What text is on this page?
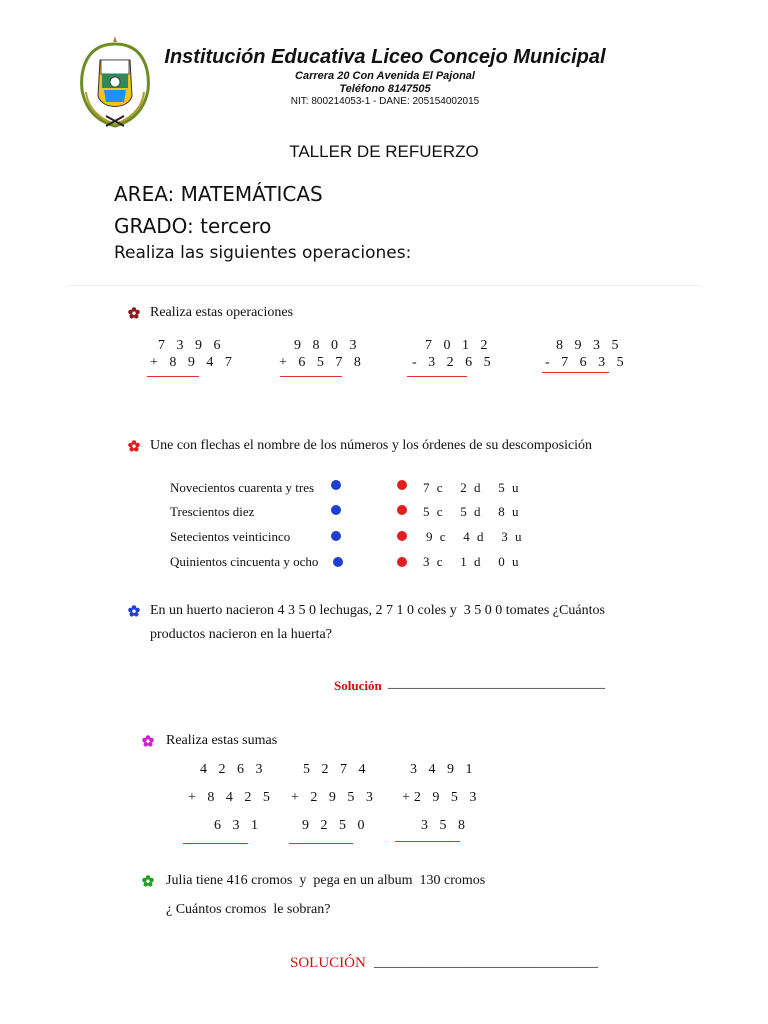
Institución Educativa Liceo Concejo Municipal
Carrera 20 Con Avenida El Pajonal
Teléfono 8147505
NIT: 800214053-1 - DANE: 205154002015
TALLER DE REFUERZO
AREA: MATEMÁTICAS
GRADO: tercero
Realiza las siguientes operaciones:
Realiza estas operaciones
7 3 9 6
+ 8 9 4 7
9 8 0 3
+ 6 5 7 8
7 0 1 2
- 3 2 6 5
8 9 3 5
- 7 6 3 5
Une con flechas el nombre de los números y los órdenes de su descomposición
Novecientos cuarenta y tres
Trescientos diez
Setecientos veinticinco
Quinientos cincuenta y ocho
7 c   2 d   5 u
5 c   5 d   8 u
9 c   4 d   3 u
3 c   1 d   0 u
En un huerto nacieron 4 3 5 0 lechugas, 2 7 1 0 coles y  3 5 0 0 tomates ¿Cuántos
productos nacieron en la huerta?
Solución _______________________________
Realiza estas sumas
4 2 6 3
+ 8 4 2 5
6 3 1
5 2 7 4
+ 2 9 5 3
9 2 5 0
3 4 9 1
+2 9 5 3
3 5 8
Julia tiene 416 cromos  y  pega en un album  130 cromos
¿ Cuántos cromos  le sobran?
SOLUCIÓN ________________________________
